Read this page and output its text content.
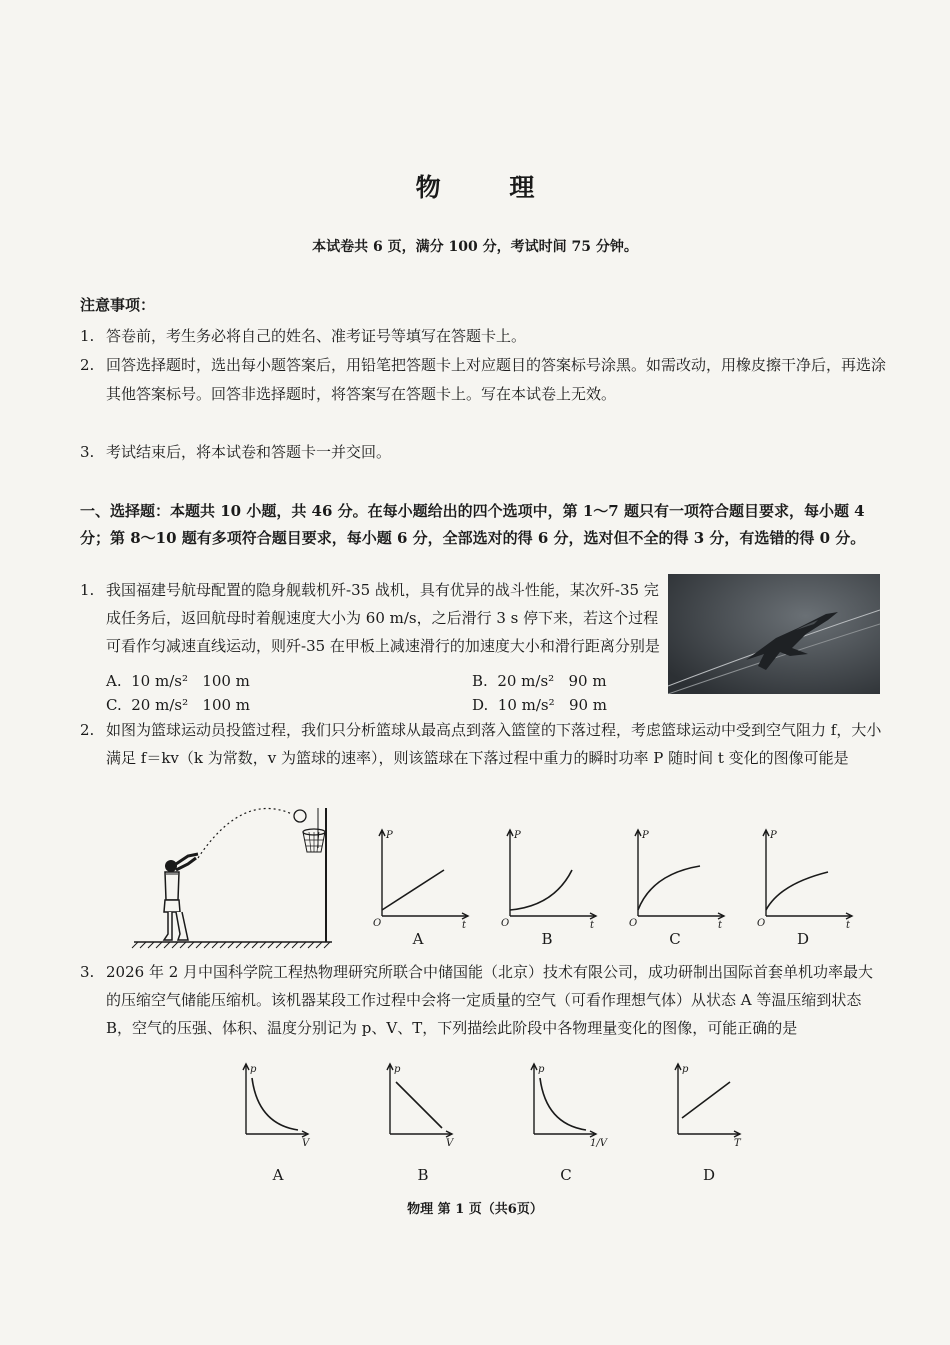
物 理
本试卷共 6 页，满分 100 分，考试时间 75 分钟。
注意事项：
1. 答卷前，考生务必将自己的姓名、准考证号等填写在答题卡上。
2. 回答选择题时，选出每小题答案后，用铅笔把答题卡上对应题目的答案标号涂黑。如需改动，用橡皮擦干净后，再选涂其他答案标号。回答非选择题时，将答案写在答题卡上。写在本试卷上无效。
3. 考试结束后，将本试卷和答题卡一并交回。
一、选择题：本题共 10 小题，共 46 分。在每小题给出的四个选项中，第 1～7 题只有一项符合题目要求，每小题 4 分；第 8～10 题有多项符合题目要求，每小题 6 分，全部选对的得 6 分，选对但不全的得 3 分，有选错的得 0 分。
1. 我国福建号航母配置的隐身舰载机歼-35 战机，具有优异的战斗性能，某次歼-35 完成任务后，返回航母时着舰速度大小为 60 m/s，之后滑行 3 s 停下来，若这个过程可看作匀减速直线运动，则歼-35 在甲板上减速滑行的加速度大小和滑行距离分别是
A.  10 m/s²   100 m	B.  20 m/s²   90 m
C.  20 m/s²   100 m	D.  10 m/s²   90 m
2. 如图为篮球运动员投篮过程，我们只分析篮球从最高点到落入篮筐的下落过程，考虑篮球运动中受到空气阻力 f，大小满足 f＝kv（k 为常数，v 为篮球的速率），则该篮球在下落过程中重力的瞬时功率 P 随时间 t 变化的图像可能是
P
t
O
P
t
O
P
t
O
P
t
O
A	B	C	D
3. 2026 年 2 月中国科学院工程热物理研究所联合中储国能（北京）技术有限公司，成功研制出国际首套单机功率最大的压缩空气储能压缩机。该机器某段工作过程中会将一定质量的空气（可看作理想气体）从状态 A 等温压缩到状态 B，空气的压强、体积、温度分别记为 p、V、T，下列描绘此阶段中各物理量变化的图像，可能正确的是
p
V
p
V
p
1/V
p
T
A	B	C	D
物理 第 1 页（共6页）
